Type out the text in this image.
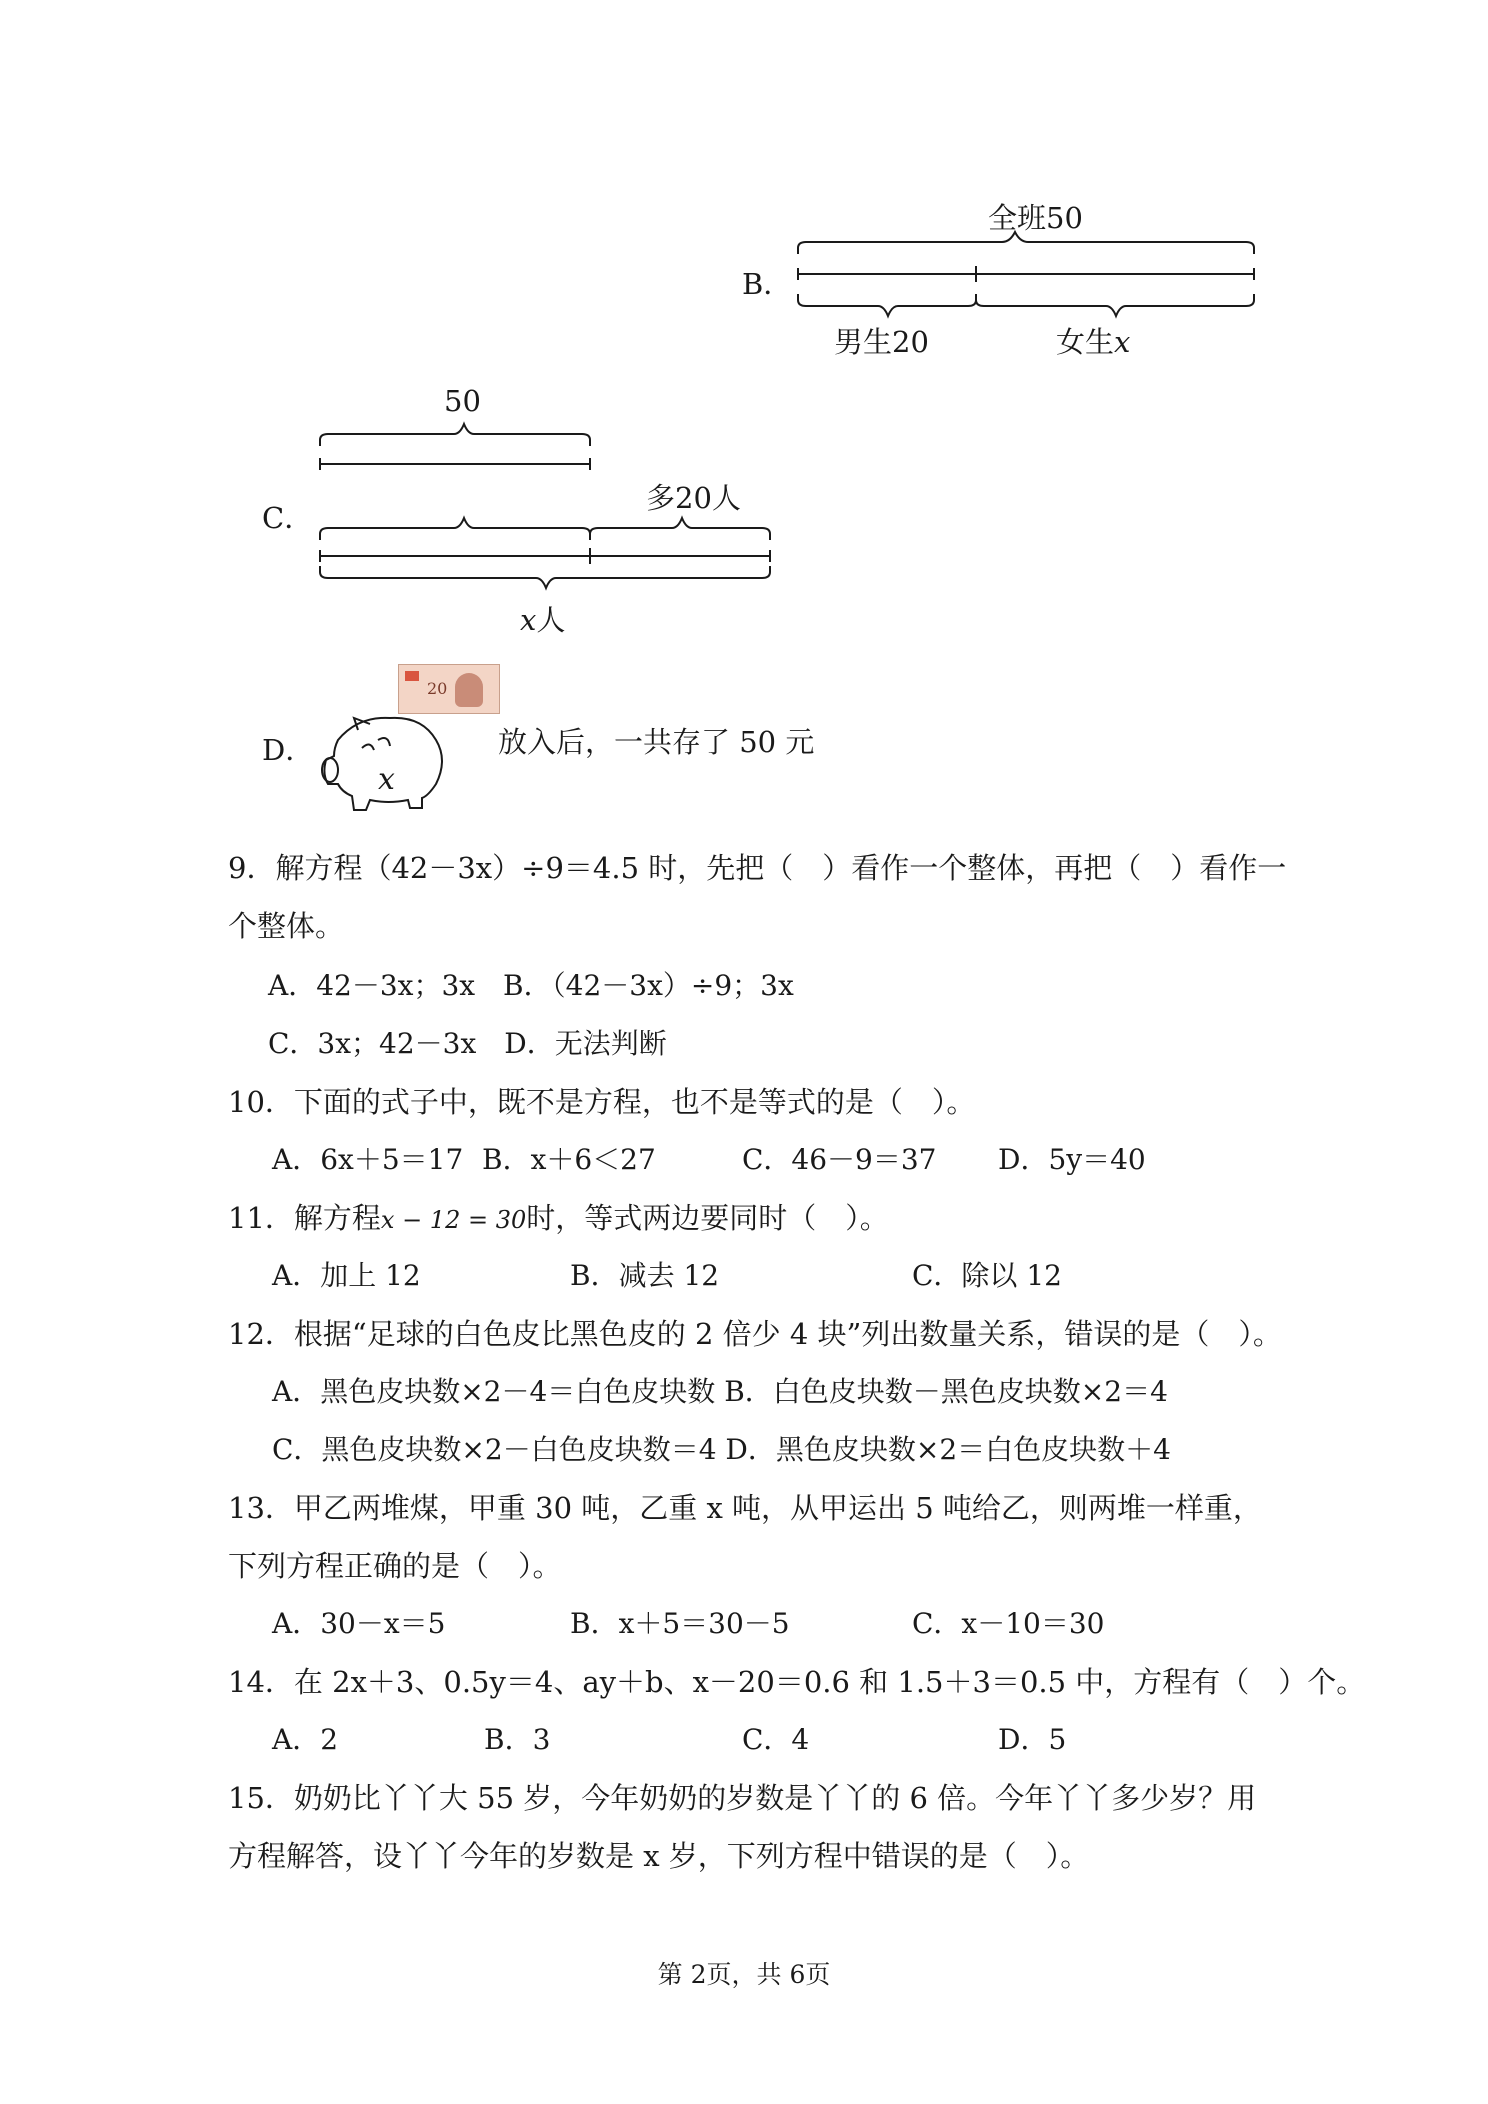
B．
全班50
男生20	女生x
C．
50
多20人
x人
D．
20
x
放入后，一共存了 50 元
9．解方程（42－3x）÷9＝4.5 时，先把（　）看作一个整体，再把（　）看作一
个整体。
A．42－3x；3x　B．（42－3x）÷9；3x
C．3x；42－3x　D．无法判断
10．下面的式子中，既不是方程，也不是等式的是（　）。
A．6x＋5＝17 B．x＋6＜27	C．46－9＝37 D．5y＝40
11．解方程x − 12 = 30时，等式两边要同时（　）。
A．加上 12	B．减去 12	C．除以 12
12．根据“足球的白色皮比黑色皮的 2 倍少 4 块”列出数量关系，错误的是（　）。
A．黑色皮块数×2－4＝白色皮块数 B．白色皮块数－黑色皮块数×2＝4
C．黑色皮块数×2－白色皮块数＝4 D．黑色皮块数×2＝白色皮块数＋4
13．甲乙两堆煤，甲重 30 吨，乙重 x 吨，从甲运出 5 吨给乙，则两堆一样重，
下列方程正确的是（　）。
A．30－x＝5	B．x＋5＝30－5	C．x－10＝30
14．在 2x＋3、0.5y＝4、ay＋b、x－20＝0.6 和 1.5＋3＝0.5 中，方程有（　）个。
A．2	B．3	C．4	D．5
15．奶奶比丫丫大 55 岁，今年奶奶的岁数是丫丫的 6 倍。今年丫丫多少岁？用
方程解答，设丫丫今年的岁数是 x 岁，下列方程中错误的是（　）。
第 2页，共 6页
